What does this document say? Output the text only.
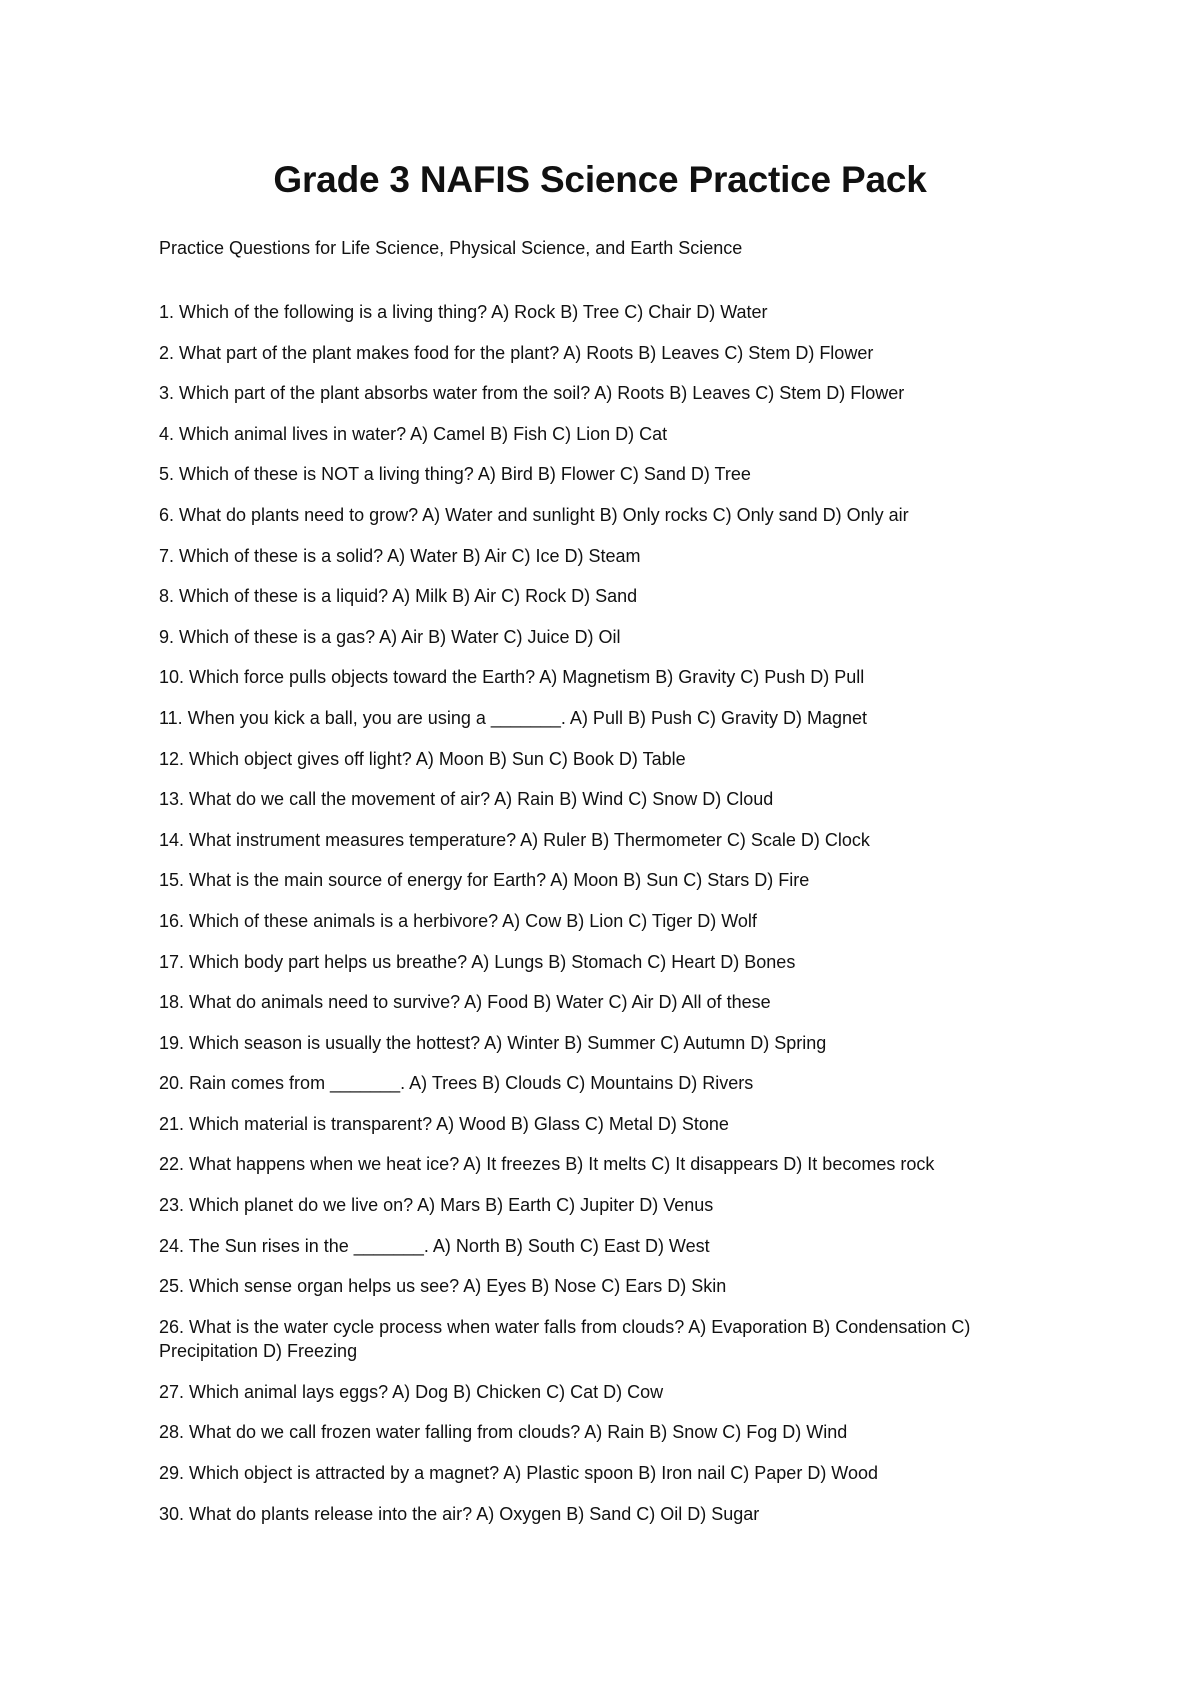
Grade 3 NAFIS Science Practice Pack

Practice Questions for Life Science, Physical Science, and Earth Science

1. Which of the following is a living thing? A) Rock B) Tree C) Chair D) Water
2. What part of the plant makes food for the plant? A) Roots B) Leaves C) Stem D) Flower
3. Which part of the plant absorbs water from the soil? A) Roots B) Leaves C) Stem D) Flower
4. Which animal lives in water? A) Camel B) Fish C) Lion D) Cat
5. Which of these is NOT a living thing? A) Bird B) Flower C) Sand D) Tree
6. What do plants need to grow? A) Water and sunlight B) Only rocks C) Only sand D) Only air
7. Which of these is a solid? A) Water B) Air C) Ice D) Steam
8. Which of these is a liquid? A) Milk B) Air C) Rock D) Sand
9. Which of these is a gas? A) Air B) Water C) Juice D) Oil
10. Which force pulls objects toward the Earth? A) Magnetism B) Gravity C) Push D) Pull
11. When you kick a ball, you are using a _______. A) Pull B) Push C) Gravity D) Magnet
12. Which object gives off light? A) Moon B) Sun C) Book D) Table
13. What do we call the movement of air? A) Rain B) Wind C) Snow D) Cloud
14. What instrument measures temperature? A) Ruler B) Thermometer C) Scale D) Clock
15. What is the main source of energy for Earth? A) Moon B) Sun C) Stars D) Fire
16. Which of these animals is a herbivore? A) Cow B) Lion C) Tiger D) Wolf
17. Which body part helps us breathe? A) Lungs B) Stomach C) Heart D) Bones
18. What do animals need to survive? A) Food B) Water C) Air D) All of these
19. Which season is usually the hottest? A) Winter B) Summer C) Autumn D) Spring
20. Rain comes from _______. A) Trees B) Clouds C) Mountains D) Rivers
21. Which material is transparent? A) Wood B) Glass C) Metal D) Stone
22. What happens when we heat ice? A) It freezes B) It melts C) It disappears D) It becomes rock
23. Which planet do we live on? A) Mars B) Earth C) Jupiter D) Venus
24. The Sun rises in the _______. A) North B) South C) East D) West
25. Which sense organ helps us see? A) Eyes B) Nose C) Ears D) Skin
26. What is the water cycle process when water falls from clouds? A) Evaporation B) Condensation C) Precipitation D) Freezing
27. Which animal lays eggs? A) Dog B) Chicken C) Cat D) Cow
28. What do we call frozen water falling from clouds? A) Rain B) Snow C) Fog D) Wind
29. Which object is attracted by a magnet? A) Plastic spoon B) Iron nail C) Paper D) Wood
30. What do plants release into the air? A) Oxygen B) Sand C) Oil D) Sugar
